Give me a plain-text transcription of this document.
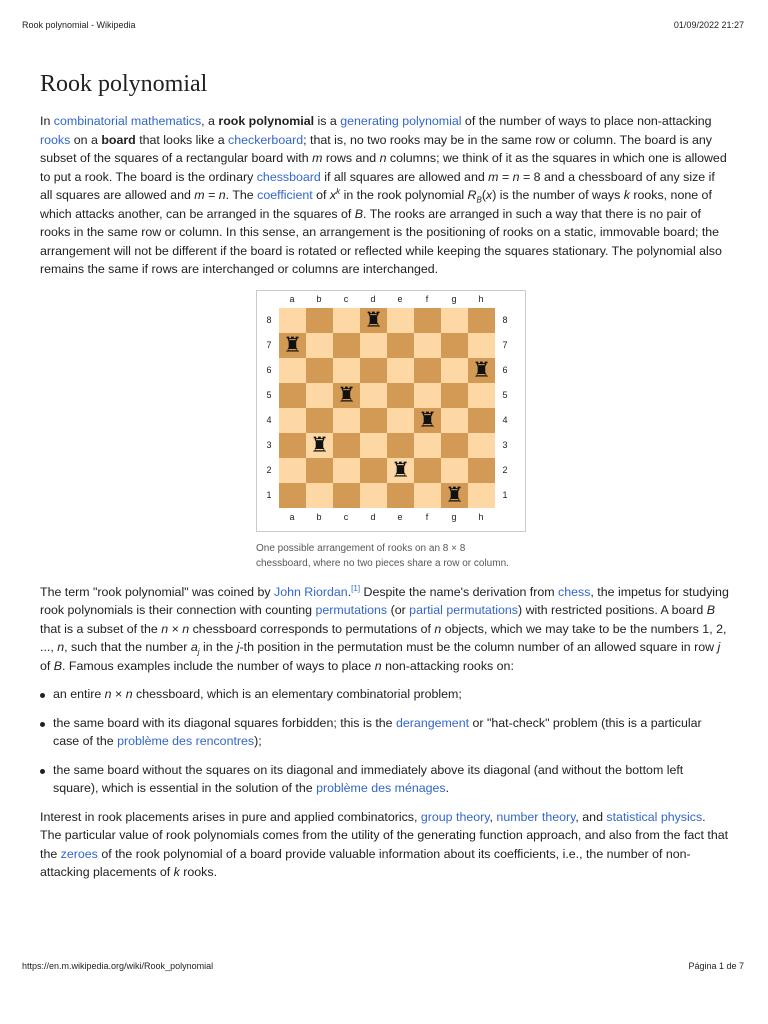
Rook polynomial - Wikipedia	01/09/2022 21:27
Rook polynomial

In combinatorial mathematics, a rook polynomial is a generating polynomial of the number of ways to place non-attacking rooks on a board that looks like a checkerboard; that is, no two rooks may be in the same row or column. The board is any subset of the squares of a rectangular board with m rows and n columns; we think of it as the squares in which one is allowed to put a rook. The board is the ordinary chessboard if all squares are allowed and m = n = 8 and a chessboard of any size if all squares are allowed and m = n. The coefficient of $x^k$ in the rook polynomial $R_B(x)$ is the number of ways k rooks, none of which attacks another, can be arranged in the squares of B. The rooks are arranged in such a way that there is no pair of rooks in the same row or column. In this sense, an arrangement is the positioning of rooks on a static, immovable board; the arrangement will not be different if the board is rotated or reflected while keeping the squares stationary. The polynomial also remains the same if rows are interchanged or columns are interchanged.

♜
♜
♜
♜
♜
♜
♜
♜
a
a
b
b
c
c
d
d
e
e
f
f
g
g
h
h
8	8
7	7
6	6
5	5
4	4
3	3
2	2
1	1
One possible arrangement of rooks on an 8 × 8 chessboard, where no two pieces share a row or column.

The term "rook polynomial" was coined by John Riordan.[1] Despite the name's derivation from chess, the impetus for studying rook polynomials is their connection with counting permutations (or partial permutations) with restricted positions. A board B that is a subset of the n × n chessboard corresponds to permutations of n objects, which we may take to be the numbers 1, 2, ..., n, such that the number $a_j$ in the j-th position in the permutation must be the column number of an allowed square in row j of B. Famous examples include the number of ways to place n non-attacking rooks on:

an entire n × n chessboard, which is an elementary combinatorial problem;
the same board with its diagonal squares forbidden; this is the derangement or "hat-check" problem (this is a particular case of the problème des rencontres);
the same board without the squares on its diagonal and immediately above its diagonal (and without the bottom left square), which is essential in the solution of the problème des ménages.

Interest in rook placements arises in pure and applied combinatorics, group theory, number theory, and statistical physics. The particular value of rook polynomials comes from the utility of the generating function approach, and also from the fact that the zeroes of the rook polynomial of a board provide valuable information about its coefficients, i.e., the number of non-attacking placements of k rooks.

https://en.m.wikipedia.org/wiki/Rook_polynomial	Página 1 de 7
